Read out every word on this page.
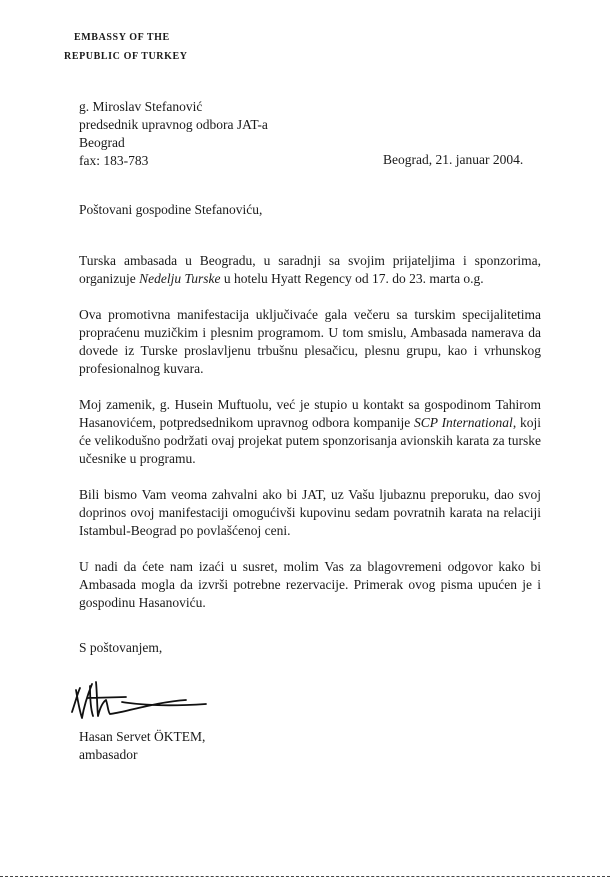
EMBASSY OF THE
REPUBLIC OF TURKEY
g. Miroslav Stefanović
predsednik upravnog odbora JAT-a
Beograd
fax: 183-783	Beograd, 21. januar 2004.
Poštovani gospodine Stefanoviću,

Turska ambasada u Beogradu, u saradnji sa svojim prijateljima i sponzorima, organizuje Nedelju Turske u hotelu Hyatt Regency od 17. do 23. marta o.g.

Ova promotivna manifestacija uključivaće gala večeru sa turskim specijalitetima propraćenu muzičkim i plesnim programom. U tom smislu, Ambasada namerava da dovede iz Turske proslavljenu trbušnu plesačicu, plesnu grupu, kao i vrhunskog profesionalnog kuvara.

Moj zamenik, g. Husein Muftuolu, već je stupio u kontakt sa gospodinom Tahirom Hasanovićem, potpredsednikom upravnog odbora kompanije SCP International, koji će velikodušno podržati ovaj projekat putem sponzorisanja avionskih karata za turske učesnike u programu.

Bili bismo Vam veoma zahvalni ako bi JAT, uz Vašu ljubaznu preporuku, dao svoj doprinos ovoj manifestaciji omogućivši kupovinu sedam povratnih karata na relaciji Istambul-Beograd po povlašćenoj ceni.

U nadi da ćete nam izaći u susret, molim Vas za blagovremeni odgovor kako bi Ambasada mogla da izvrši potrebne rezervacije. Primerak ovog pisma upućen je i gospodinu Hasanoviću.

S poštovanjem,
Hasan Servet ÖKTEM,
ambasador
